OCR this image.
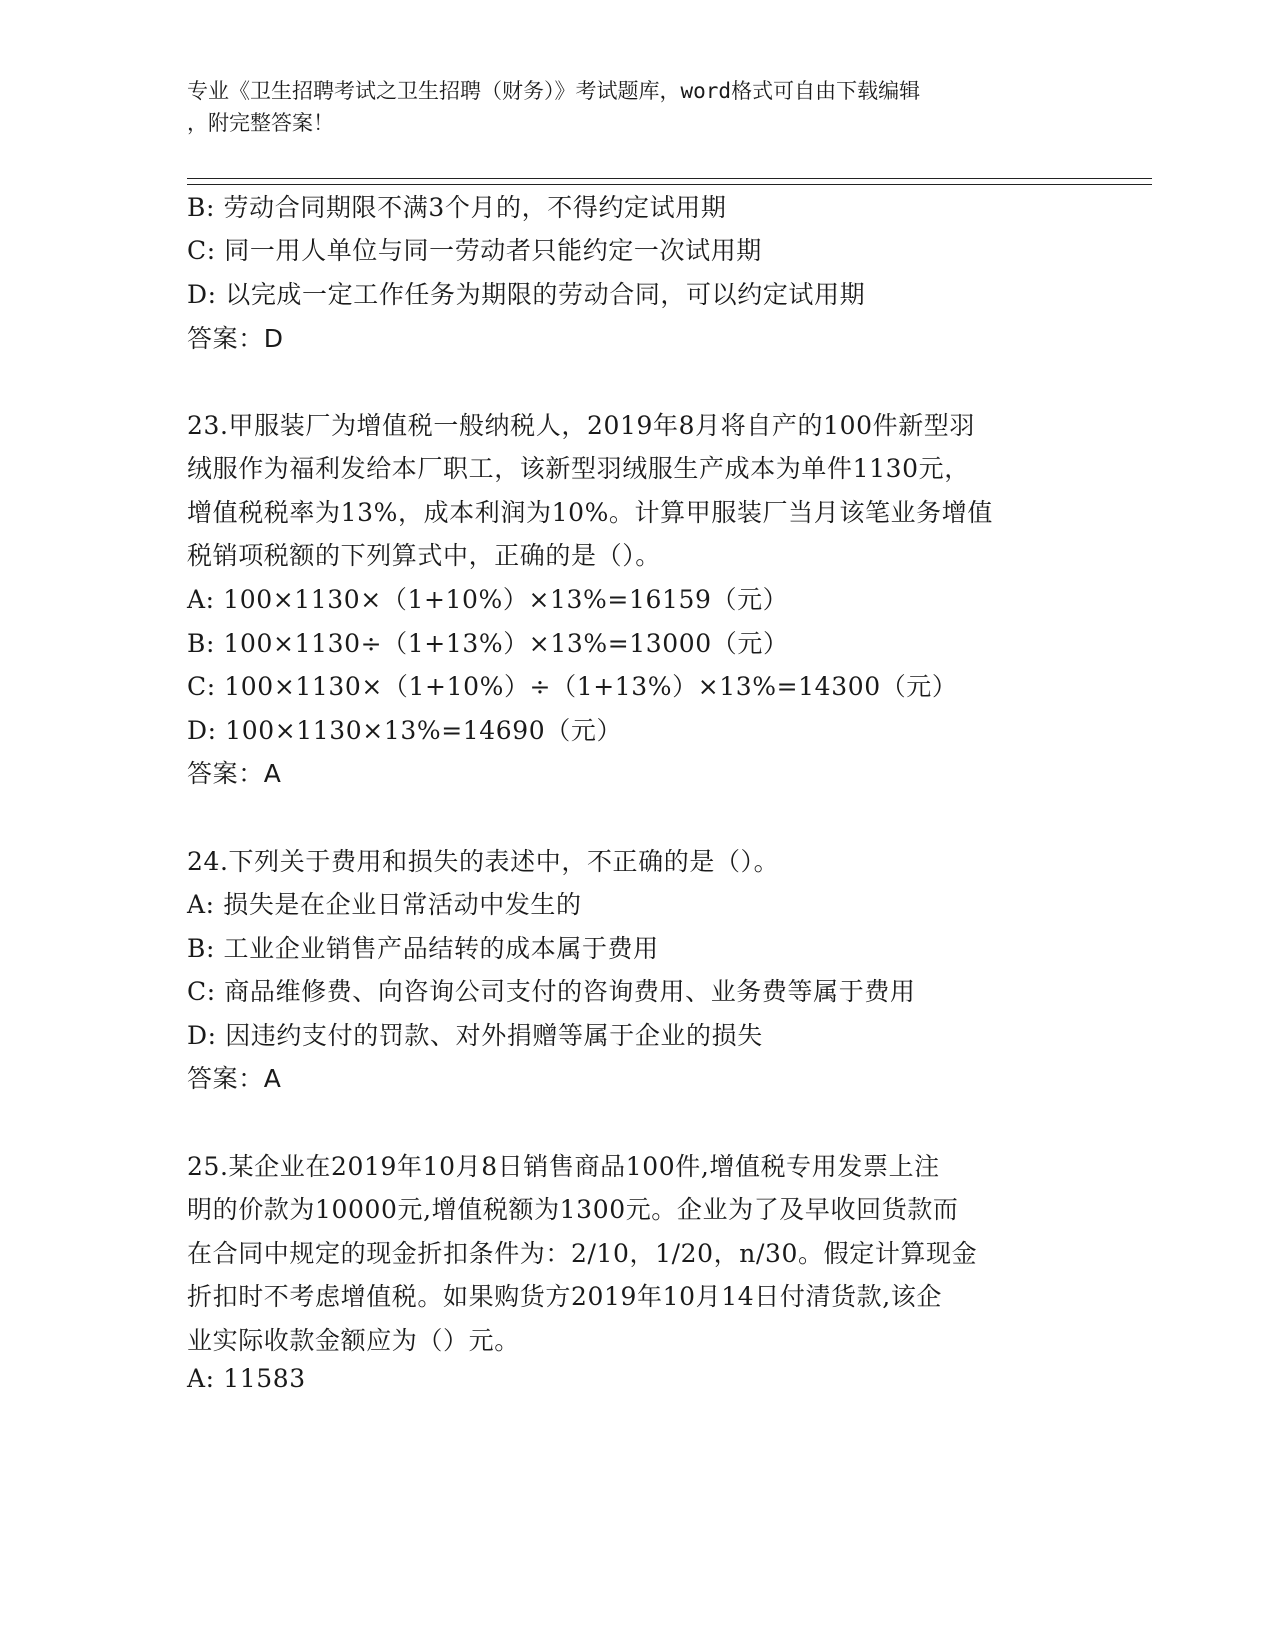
专业《卫生招聘考试之卫生招聘（财务）》考试题库，word格式可自由下载编辑
，附完整答案！
B: 劳动合同期限不满3个月的，不得约定试用期
C: 同一用人单位与同一劳动者只能约定一次试用期
D: 以完成一定工作任务为期限的劳动合同，可以约定试用期
答案：D
23.甲服装厂为增值税一般纳税人，2019年8月将自产的100件新型羽
绒服作为福利发给本厂职工，该新型羽绒服生产成本为单件1130元，
增值税税率为13%，成本利润为10%。计算甲服装厂当月该笔业务增值
税销项税额的下列算式中，正确的是（）。
A: 100×1130×（1+10%）×13%=16159（元）
B: 100×1130÷（1+13%）×13%=13000（元）
C: 100×1130×（1+10%）÷（1+13%）×13%=14300（元）
D: 100×1130×13%=14690（元）
答案：A
24.下列关于费用和损失的表述中，不正确的是（）。
A: 损失是在企业日常活动中发生的
B: 工业企业销售产品结转的成本属于费用
C: 商品维修费、向咨询公司支付的咨询费用、业务费等属于费用
D: 因违约支付的罚款、对外捐赠等属于企业的损失
答案：A
25.某企业在2019年10月8日销售商品100件,增值税专用发票上注
明的价款为10000元,增值税额为1300元。企业为了及早收回货款而
在合同中规定的现金折扣条件为：2/10，1/20，n/30。假定计算现金
折扣时不考虑增值税。如果购货方2019年10月14日付清货款,该企
业实际收款金额应为（）元。
A: 11583
